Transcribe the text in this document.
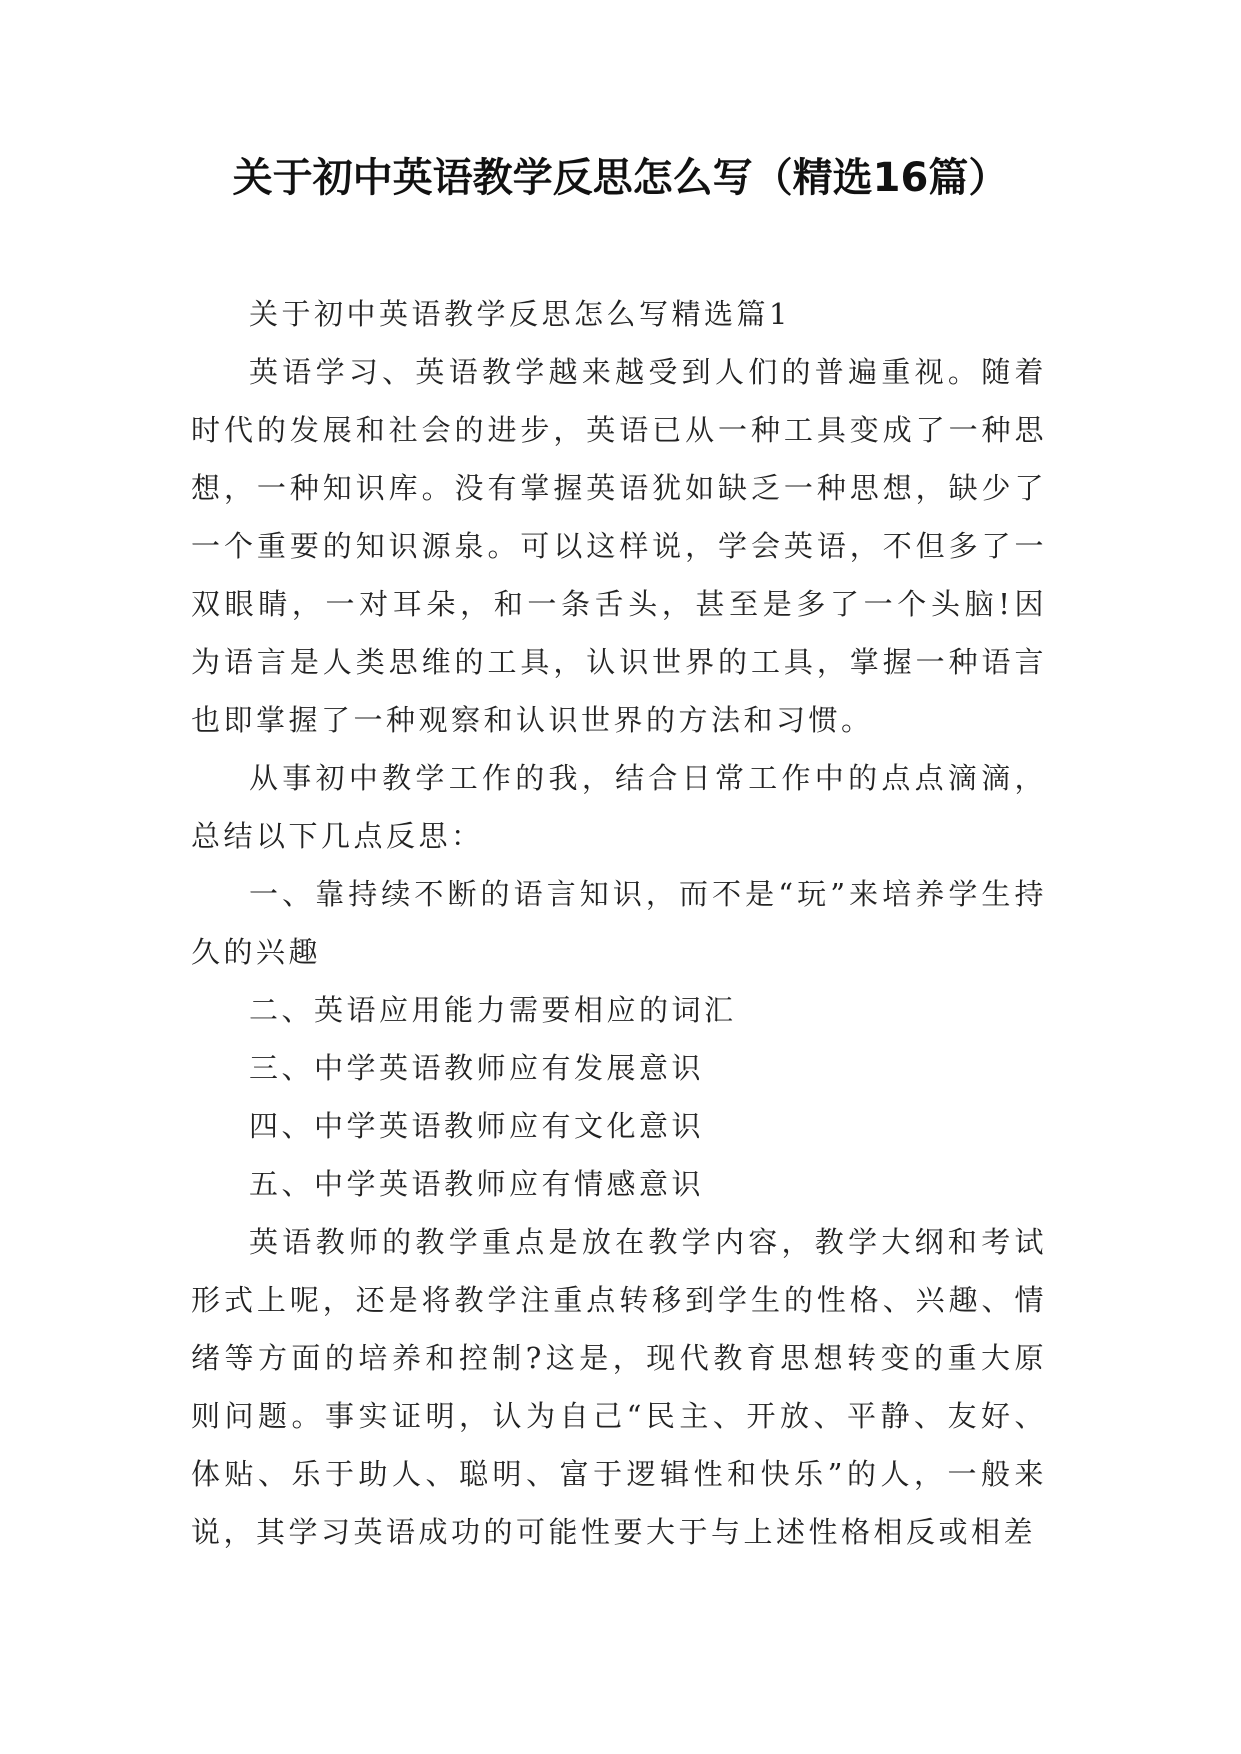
关于初中英语教学反思怎么写（精选16篇）

关于初中英语教学反思怎么写精选篇1

英语学习、英语教学越来越受到人们的普遍重视。随着时代的发展和社会的进步，英语已从一种工具变成了一种思想，一种知识库。没有掌握英语犹如缺乏一种思想，缺少了一个重要的知识源泉。可以这样说，学会英语，不但多了一双眼睛，一对耳朵，和一条舌头，甚至是多了一个头脑!因为语言是人类思维的工具，认识世界的工具，掌握一种语言也即掌握了一种观察和认识世界的方法和习惯。

从事初中教学工作的我，结合日常工作中的点点滴滴，总结以下几点反思：

一、靠持续不断的语言知识，而不是“玩”来培养学生持久的兴趣

二、英语应用能力需要相应的词汇

三、中学英语教师应有发展意识

四、中学英语教师应有文化意识

五、中学英语教师应有情感意识

英语教师的教学重点是放在教学内容，教学大纲和考试形式上呢，还是将教学注重点转移到学生的性格、兴趣、情绪等方面的培养和控制?这是，现代教育思想转变的重大原则问题。事实证明，认为自己“民主、开放、平静、友好、体贴、乐于助人、聪明、富于逻辑性和快乐”的人，一般来说，其学习英语成功的可能性要大于与上述性格相反或相差
